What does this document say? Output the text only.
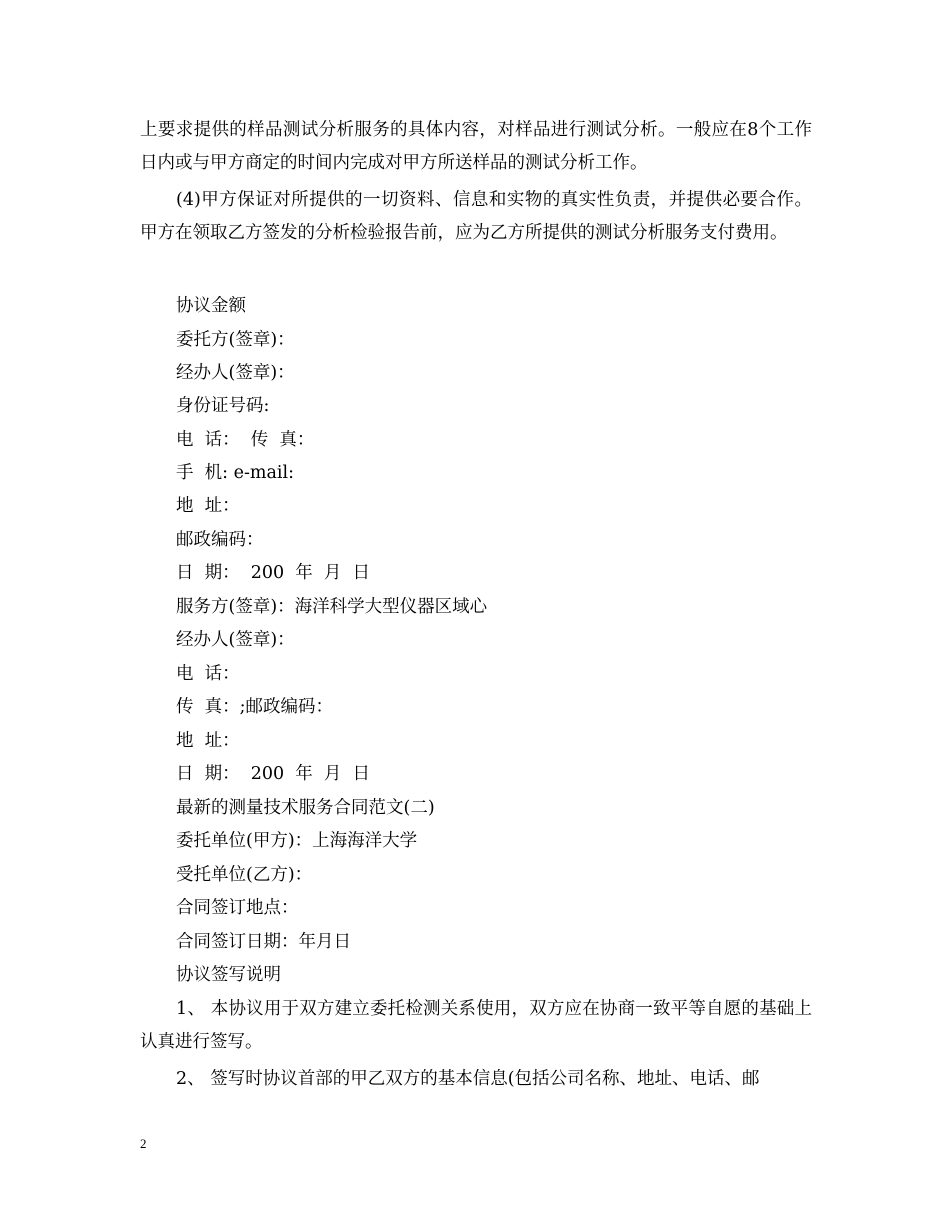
上要求提供的样品测试分析服务的具体内容，对样品进行测试分析。一般应在8个工作日内或与甲方商定的时间内完成对甲方所送样品的测试分析工作。

(4)甲方保证对所提供的一切资料、信息和实物的真实性负责，并提供必要合作。甲方在领取乙方签发的分析检验报告前，应为乙方所提供的测试分析服务支付费用。

协议金额

委托方(签章)：

经办人(签章)：

身份证号码:

电  话：  传  真：

手  机: e-mail:

地  址：

邮政编码：

日  期：  200  年  月  日

服务方(签章)：海洋科学大型仪器区域心

经办人(签章)：

电  话：

传  真：;邮政编码：

地  址：

日  期：  200  年  月  日

最新的测量技术服务合同范文(二)

委托单位(甲方)：上海海洋大学

受托单位(乙方)：

合同签订地点：

合同签订日期：年月日

协议签写说明

1、 本协议用于双方建立委托检测关系使用，双方应在协商一致平等自愿的基础上认真进行签写。

2、 签写时协议首部的甲乙双方的基本信息(包括公司名称、地址、电话、邮

2
